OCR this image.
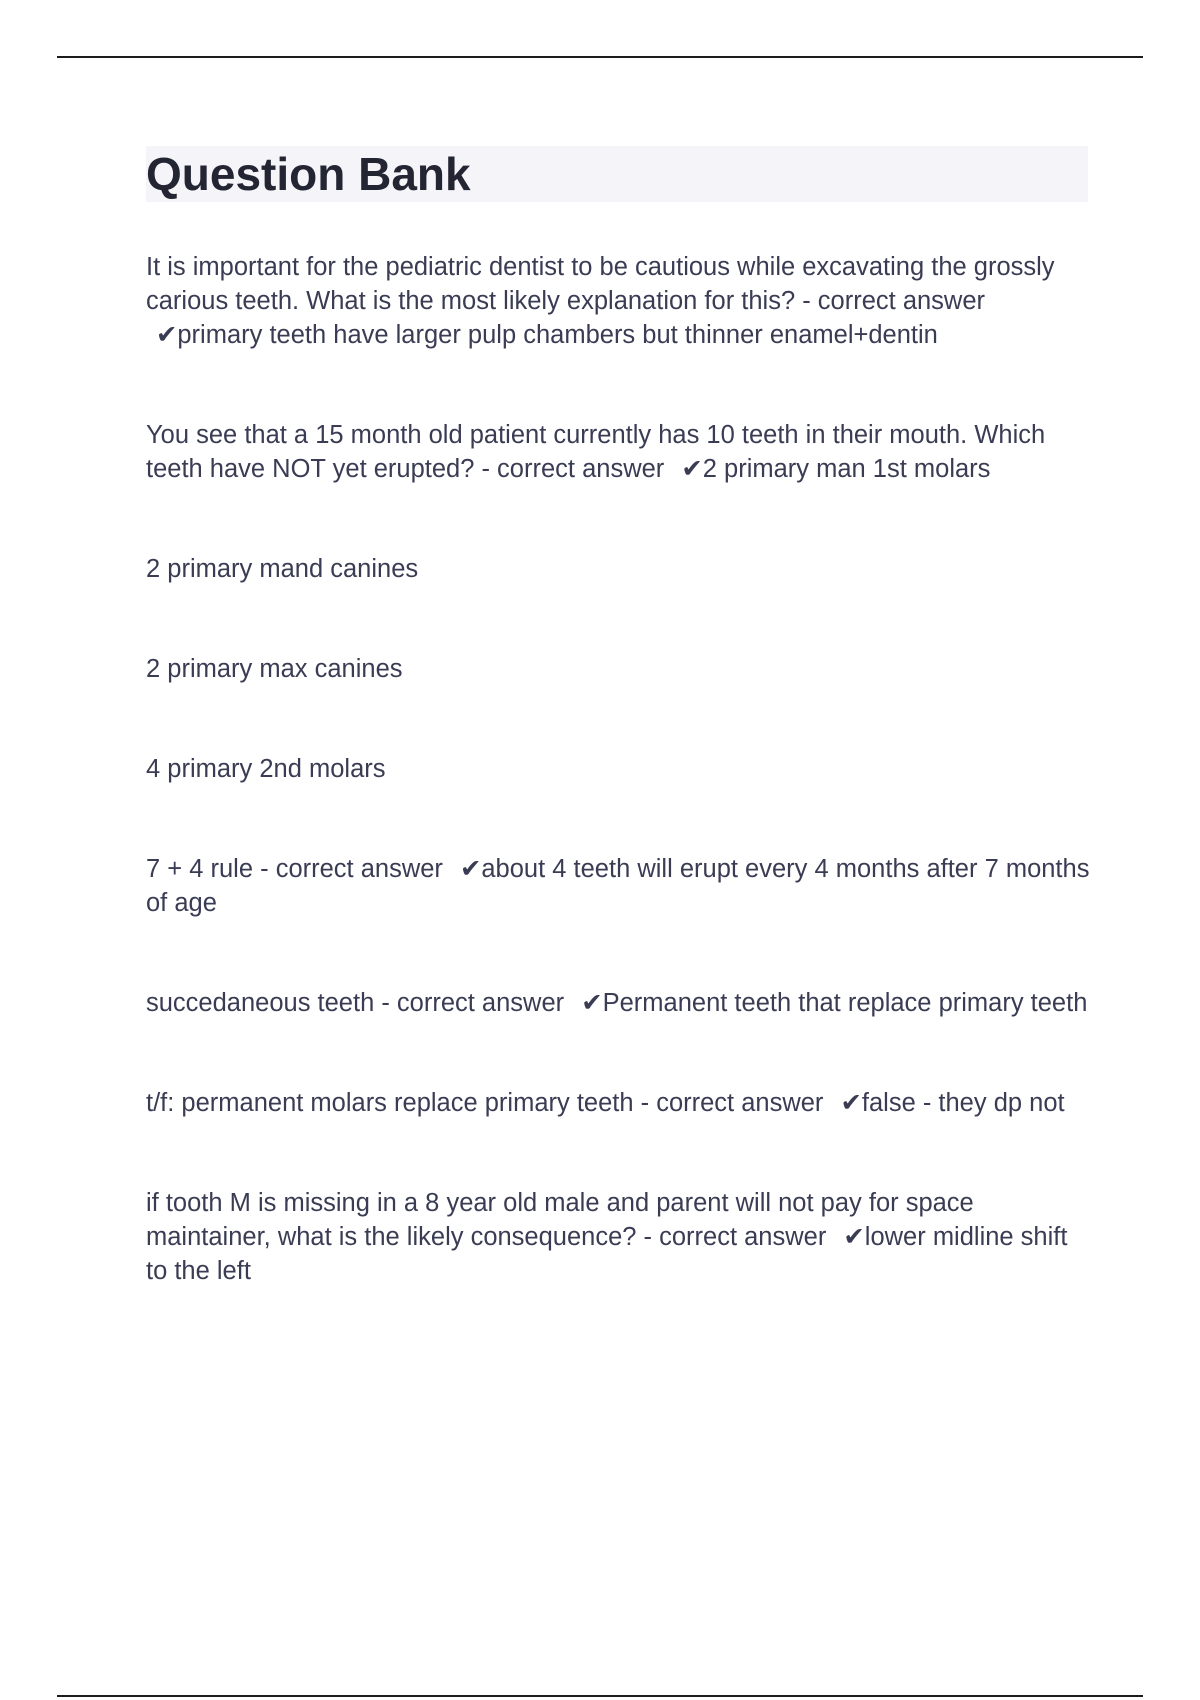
Question Bank

It is important for the pediatric dentist to be cautious while excavating the grossly carious teeth. What is the most likely explanation for this? - correct answer ✔primary teeth have larger pulp chambers but thinner enamel+dentin

You see that a 15 month old patient currently has 10 teeth in their mouth. Which teeth have NOT yet erupted? - correct answer ✔2 primary man 1st molars

2 primary mand canines

2 primary max canines

4 primary 2nd molars

7 + 4 rule - correct answer ✔about 4 teeth will erupt every 4 months after 7 months of age

succedaneous teeth - correct answer ✔Permanent teeth that replace primary teeth

t/f: permanent molars replace primary teeth - correct answer ✔false - they dp not

if tooth M is missing in a 8 year old male and parent will not pay for space maintainer, what is the likely consequence? - correct answer ✔lower midline shift to the left
